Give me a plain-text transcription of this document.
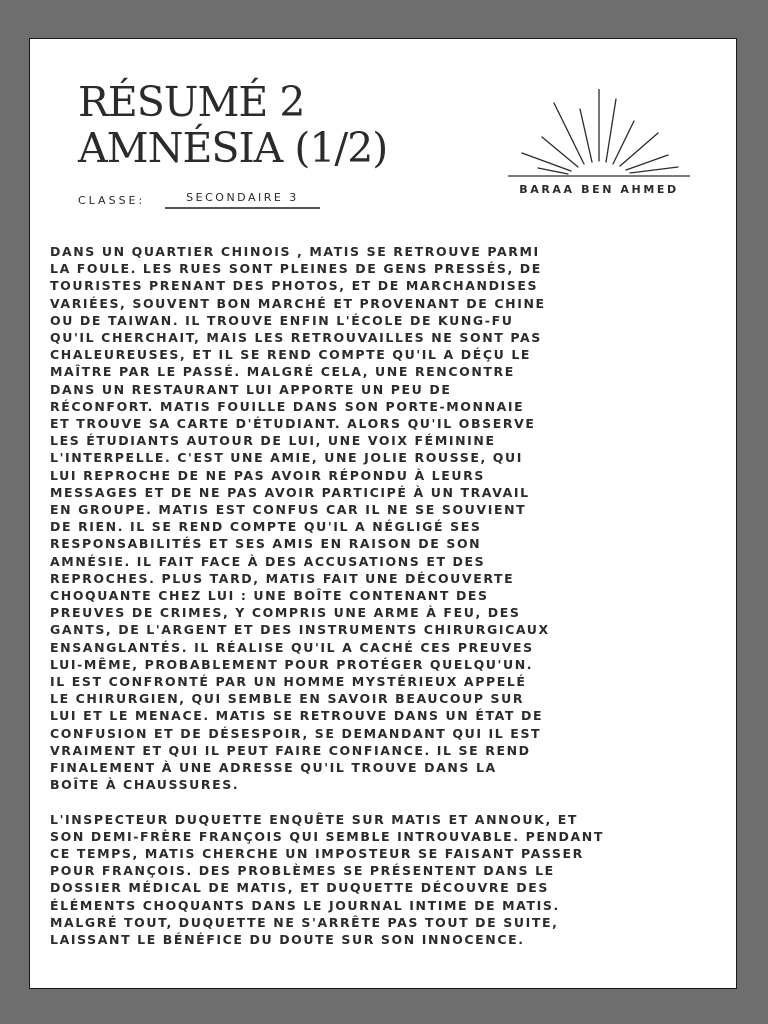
RÉSUMÉ 2
AMNÉSIA (1/2)
CLASSE:	SECONDAIRE 3
BARAA BEN AHMED

DANS UN QUARTIER CHINOIS , MATIS SE RETROUVE PARMI
LA FOULE. LES RUES SONT PLEINES DE GENS PRESSÉS, DE
TOURISTES PRENANT DES PHOTOS, ET DE MARCHANDISES
VARIÉES, SOUVENT BON MARCHÉ ET PROVENANT DE CHINE
OU DE TAIWAN. IL TROUVE ENFIN L'ÉCOLE DE KUNG-FU
QU'IL CHERCHAIT, MAIS LES RETROUVAILLES NE SONT PAS
CHALEUREUSES, ET IL SE REND COMPTE QU'IL A DÉÇU LE
MAÎTRE PAR LE PASSÉ. MALGRÉ CELA, UNE RENCONTRE
DANS UN RESTAURANT LUI APPORTE UN PEU DE
RÉCONFORT. MATIS FOUILLE DANS SON PORTE-MONNAIE
ET TROUVE SA CARTE D'ÉTUDIANT. ALORS QU'IL OBSERVE
LES ÉTUDIANTS AUTOUR DE LUI, UNE VOIX FÉMININE
L'INTERPELLE. C'EST UNE AMIE, UNE JOLIE ROUSSE, QUI
LUI REPROCHE DE NE PAS AVOIR RÉPONDU À LEURS
MESSAGES ET DE NE PAS AVOIR PARTICIPÉ À UN TRAVAIL
EN GROUPE. MATIS EST CONFUS CAR IL NE SE SOUVIENT
DE RIEN. IL SE REND COMPTE QU'IL A NÉGLIGÉ SES
RESPONSABILITÉS ET SES AMIS EN RAISON DE SON
AMNÉSIE. IL FAIT FACE À DES ACCUSATIONS ET DES
REPROCHES. PLUS TARD, MATIS FAIT UNE DÉCOUVERTE
CHOQUANTE CHEZ LUI : UNE BOÎTE CONTENANT DES
PREUVES DE CRIMES, Y COMPRIS UNE ARME À FEU, DES
GANTS, DE L'ARGENT ET DES INSTRUMENTS CHIRURGICAUX
ENSANGLANTÉS. IL RÉALISE QU'IL A CACHÉ CES PREUVES
LUI-MÊME, PROBABLEMENT POUR PROTÉGER QUELQU'UN.
IL EST CONFRONTÉ PAR UN HOMME MYSTÉRIEUX APPELÉ
LE CHIRURGIEN, QUI SEMBLE EN SAVOIR BEAUCOUP SUR
LUI ET LE MENACE. MATIS SE RETROUVE DANS UN ÉTAT DE
CONFUSION ET DE DÉSESPOIR, SE DEMANDANT QUI IL EST
VRAIMENT ET QUI IL PEUT FAIRE CONFIANCE. IL SE REND
FINALEMENT À UNE ADRESSE QU'IL TROUVE DANS LA
BOÎTE À CHAUSSURES.

L'INSPECTEUR DUQUETTE ENQUÊTE SUR MATIS ET ANNOUK, ET
SON DEMI-FRÈRE FRANÇOIS QUI SEMBLE INTROUVABLE. PENDANT
CE TEMPS, MATIS CHERCHE UN IMPOSTEUR SE FAISANT PASSER
POUR FRANÇOIS. DES PROBLÈMES SE PRÉSENTENT DANS LE
DOSSIER MÉDICAL DE MATIS, ET DUQUETTE DÉCOUVRE DES
ÉLÉMENTS CHOQUANTS DANS LE JOURNAL INTIME DE MATIS.
MALGRÉ TOUT, DUQUETTE NE S'ARRÊTE PAS TOUT DE SUITE,
LAISSANT LE BÉNÉFICE DU DOUTE SUR SON INNOCENCE.
